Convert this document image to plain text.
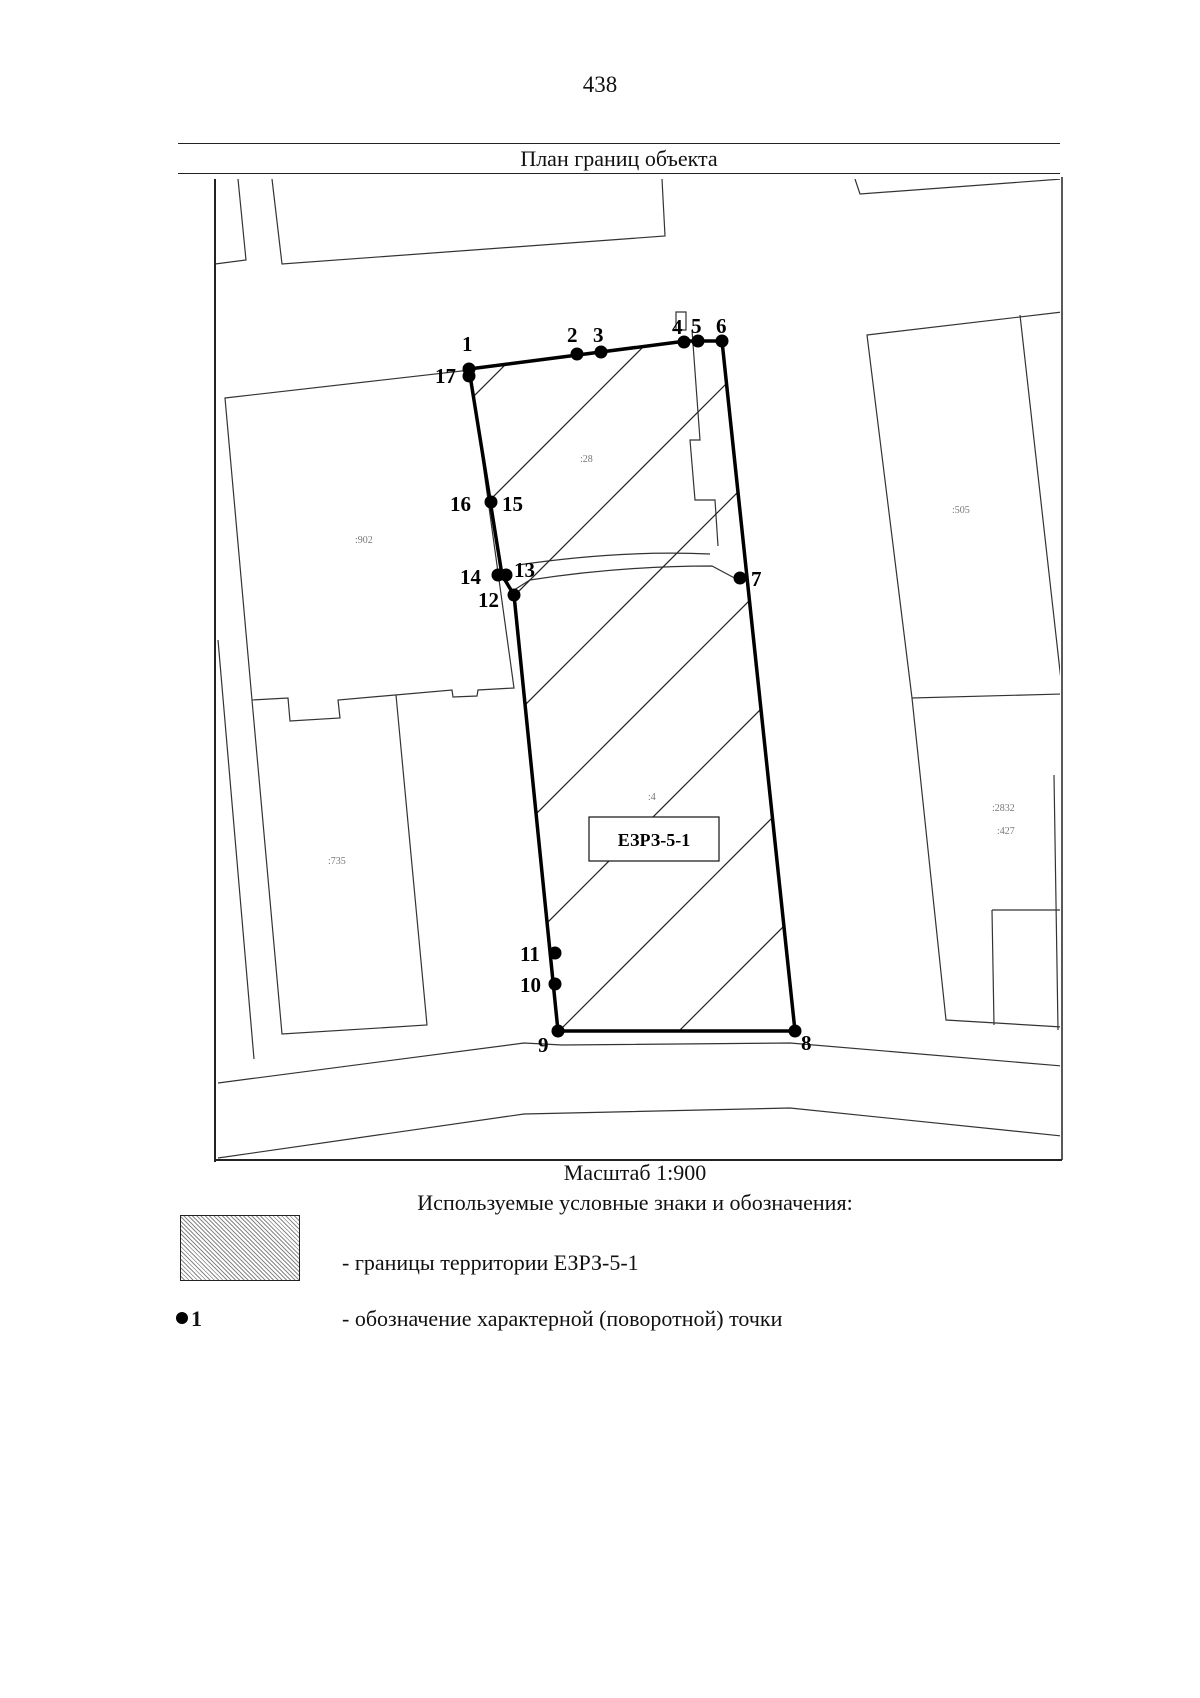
438
План границ объекта
:28
:902
:505
:4
:735
:2832
:427
ЕЗРЗ-5-1
1	2 3	4 5 6
7
8
9
10
11
12
13
14
15
16
17
Масштаб 1:900
Используемые условные знаки и обозначения:
- границы территории ЕЗРЗ-5-1
1	- обозначение характерной (поворотной) точки
